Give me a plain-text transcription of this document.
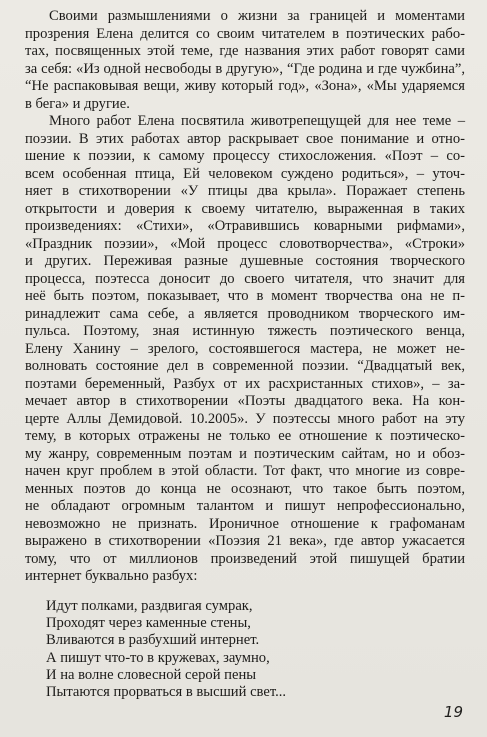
Своими размышлениями о жизни за границей и моментами
прозрения Елена делится со своим читателем в поэтических рабо-
тах, посвященных этой теме, где названия этих работ говорят сами
за себя: «Из одной несвободы в другую», “Где родина и где чужбина”,
“Не распаковывая вещи, живу который год», «Зона», «Мы ударяемся
в бега» и другие.
Много работ Елена посвятила животрепещущей для нее теме –
поэзии. В этих работах автор раскрывает свое понимание и отно-
шение к поэзии, к самому процессу стихосложения. «Поэт – со-
всем особенная птица, Ей человеком суждено родиться», – уточ-
няет в стихотворении «У птицы два крыла». Поражает степень
открытости и доверия к своему читателю, выраженная в таких
произведениях: «Стихи», «Отравившись коварными рифмами»,
«Праздник поэзии», «Мой процесс словотворчества», «Строки»
и других. Переживая разные душевные состояния творческого
процесса, поэтесса доносит до своего читателя, что значит для
неё быть поэтом, показывает, что в момент творчества она не п-
ринадлежит сама себе, а является проводником творческого им-
пульса. Поэтому, зная истинную тяжесть поэтического венца,
Елену Ханину – зрелого, состоявшегося мастера, не может не-
волновать состояние дел в современной поэзии. “Двадцатый век,
поэтами беременный, Разбух от их расхристанных стихов», – за-
мечает автор в стихотворении «Поэты двадцатого века. На кон-
церте Аллы Демидовой. 10.2005». У поэтессы много работ на эту
тему, в которых отражены не только ее отношение к поэтическо-
му жанру, современным поэтам и поэтическим сайтам, но и обоз-
начен круг проблем в этой области. Тот факт, что многие из совре-
менных поэтов до конца не осознают, что такое быть поэтом,
не обладают огромным талантом и пишут непрофессионально,
невозможно не признать. Ироничное отношение к графоманам
выражено в стихотворении «Поэзия 21 века», где автор ужасается
тому, что от миллионов произведений этой пишущей братии
интернет буквально разбух:
Идут полками, раздвигая сумрак,
Проходят через каменные стены,
Вливаются в разбухший интернет.
А пишут что-то в кружевах, заумно,
И на волне словесной серой пены
Пытаются прорваться в высший свет...
19
